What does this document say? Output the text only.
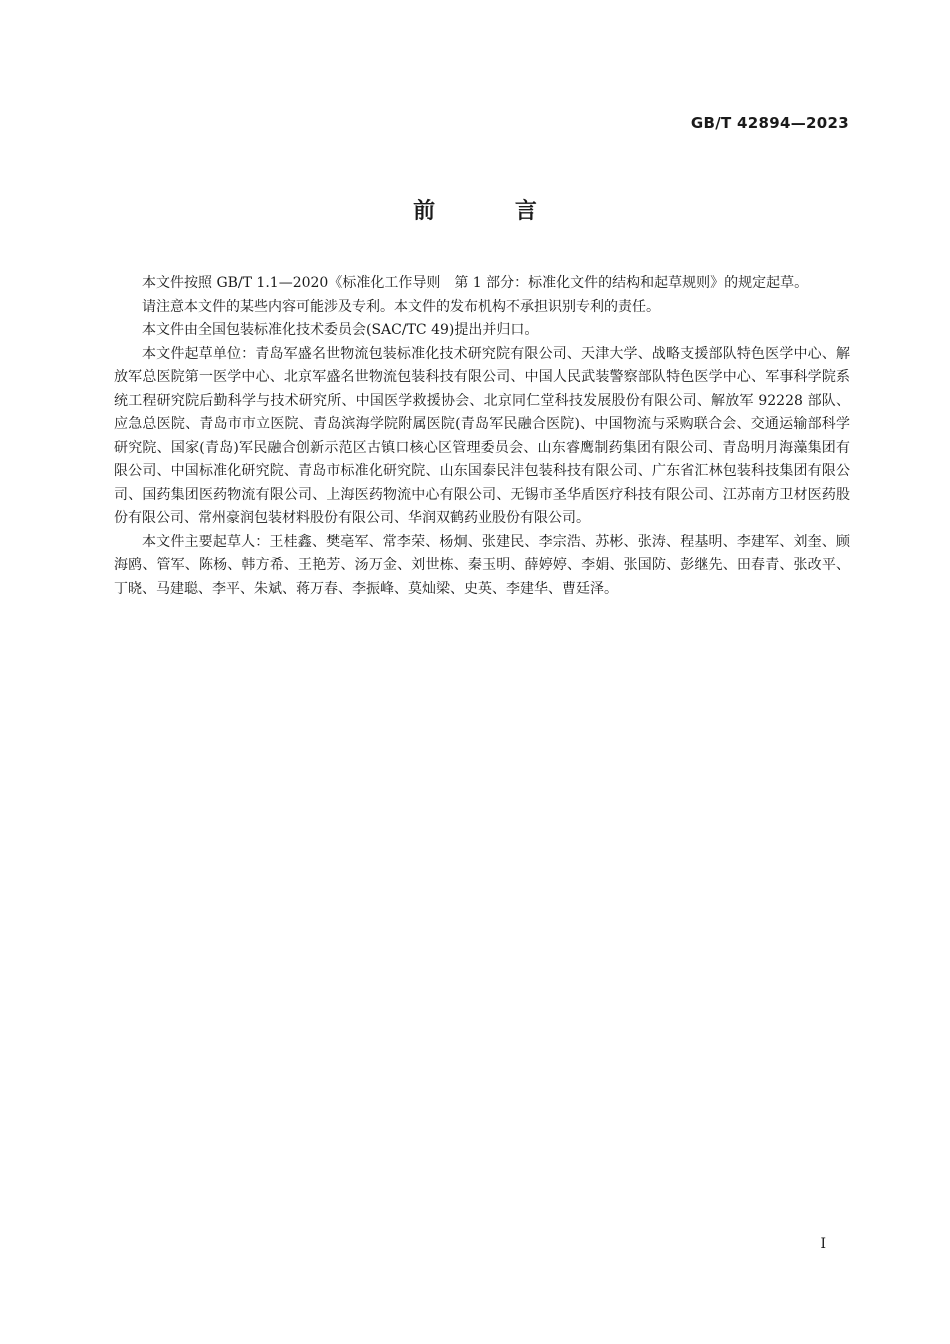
GB/T 42894—2023
前 言

本文件按照 GB/T 1.1—2020《标准化工作导则　第 1 部分：标准化文件的结构和起草规则》的规定起草。

请注意本文件的某些内容可能涉及专利。本文件的发布机构不承担识别专利的责任。

本文件由全国包装标准化技术委员会(SAC/TC 49)提出并归口。

本文件起草单位：青岛军盛名世物流包装标准化技术研究院有限公司、天津大学、战略支援部队特色医学中心、解放军总医院第一医学中心、北京军盛名世物流包装科技有限公司、中国人民武装警察部队特色医学中心、军事科学院系统工程研究院后勤科学与技术研究所、中国医学救援协会、北京同仁堂科技发展股份有限公司、解放军 92228 部队、应急总医院、青岛市市立医院、青岛滨海学院附属医院(青岛军民融合医院)、中国物流与采购联合会、交通运输部科学研究院、国家(青岛)军民融合创新示范区古镇口核心区管理委员会、山东睿鹰制药集团有限公司、青岛明月海藻集团有限公司、中国标准化研究院、青岛市标准化研究院、山东国泰民沣包装科技有限公司、广东省汇林包装科技集团有限公司、国药集团医药物流有限公司、上海医药物流中心有限公司、无锡市圣华盾医疗科技有限公司、江苏南方卫材医药股份有限公司、常州豪润包装材料股份有限公司、华润双鹤药业股份有限公司。

本文件主要起草人：王桂鑫、樊亳军、常李荣、杨炯、张建民、李宗浩、苏彬、张涛、程基明、李建军、刘奎、顾海鸥、管军、陈杨、韩方希、王艳芳、汤万金、刘世栋、秦玉明、薛婷婷、李娟、张国防、彭继先、田春青、张改平、丁晓、马建聪、李平、朱斌、蒋万春、李振峰、莫灿梁、史英、李建华、曹廷泽。

I
